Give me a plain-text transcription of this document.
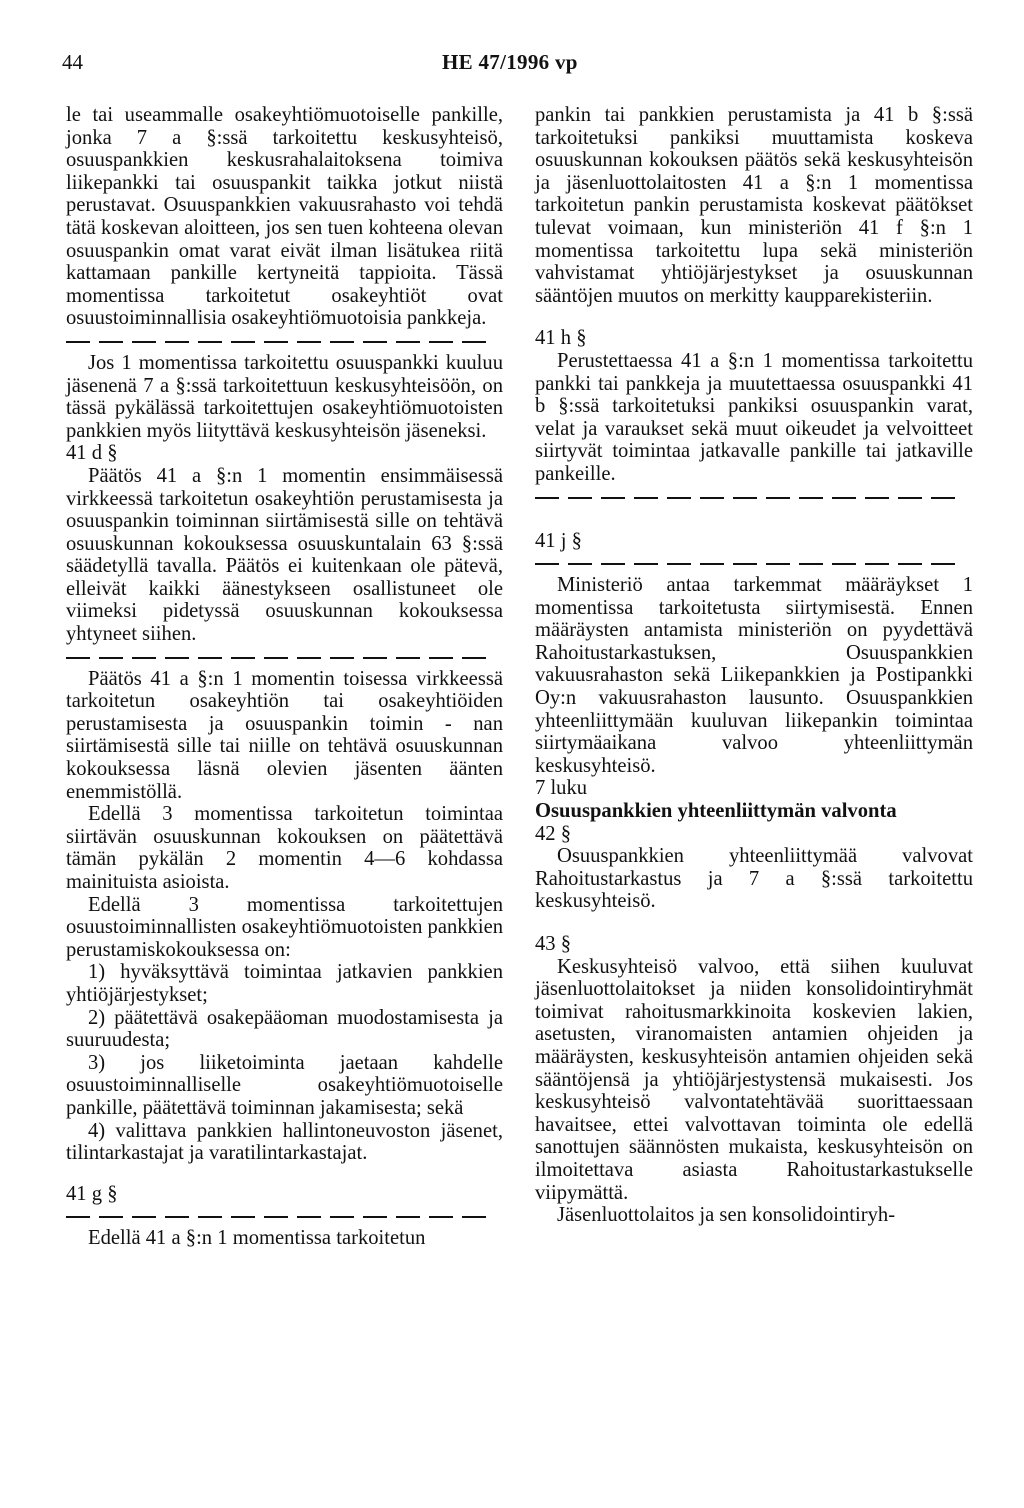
44	HE 47/1996 vp

le tai useammalle osakeyhtiömuotoiselle pankille, jonka 7 a §:ssä tarkoitettu keskusyhteisö, osuuspankkien keskusrahalaitoksena toimiva liikepankki tai osuuspankit taikka jotkut niistä perustavat. Osuuspankkien vakuusrahasto voi tehdä tätä koskevan aloitteen, jos sen tuen kohteena olevan osuuspankin omat varat eivät ilman lisätukea riitä kattamaan pankille kertyneitä tappioita. Tässä momentissa tarkoitetut osakeyhtiöt ovat osuustoiminnallisia osakeyhtiömuotoisia pankkeja.

Jos 1 momentissa tarkoitettu osuuspankki kuuluu jäsenenä 7 a §:ssä tarkoitettuun keskusyhteisöön, on tässä pykälässä tarkoitettujen osakeyhtiömuotoisten pankkien myös liityttävä keskusyhteisön jäseneksi.

41 d §

Päätös 41 a §:n 1 momentin ensimmäisessä virkkeessä tarkoitetun osakeyhtiön perustamisesta ja osuuspankin toiminnan siirtämisestä sille on tehtävä osuuskunnan kokouksessa osuuskuntalain 63 §:ssä säädetyllä tavalla. Päätös ei kuitenkaan ole pätevä, elleivät kaikki äänestykseen osallistuneet ole viimeksi pidetyssä osuuskunnan kokouksessa yhtyneet siihen.

Päätös 41 a §:n 1 momentin toisessa virkkeessä tarkoitetun osakeyhtiön tai osakeyhtiöiden perustamisesta ja osuuspankin toimin - nan siirtämisestä sille tai niille on tehtävä osuuskunnan kokouksessa läsnä olevien jäsenten äänten enemmistöllä.

Edellä 3 momentissa tarkoitetun toimintaa siirtävän osuuskunnan kokouksen on päätettävä tämän pykälän 2 momentin 4—6 kohdassa mainituista asioista.

Edellä 3 momentissa tarkoitettujen osuustoiminnallisten osakeyhtiömuotoisten pankkien perustamiskokouksessa on:

1) hyväksyttävä toimintaa jatkavien pankkien yhtiöjärjestykset;

2) päätettävä osakepääoman muodostamisesta ja suuruudesta;

3) jos liiketoiminta jaetaan kahdelle osuustoiminnalliselle osakeyhtiömuotoiselle pankille, päätettävä toiminnan jakamisesta; sekä

4) valittava pankkien hallintoneuvoston jäsenet, tilintarkastajat ja varatilintarkastajat.

41 g §

Edellä 41 a §:n 1 momentissa tarkoitetun

pankin tai pankkien perustamista ja 41 b §:ssä tarkoitetuksi pankiksi muuttamista koskeva osuuskunnan kokouksen päätös sekä keskusyhteisön ja jäsenluottolaitosten 41 a §:n 1 momentissa tarkoitetun pankin perustamista koskevat päätökset tulevat voimaan, kun ministeriön 41 f §:n 1 momentissa tarkoitettu lupa sekä ministeriön vahvistamat yhtiöjärjestykset ja osuuskunnan sääntöjen muutos on merkitty kaupparekisteriin.

41 h §

Perustettaessa 41 a §:n 1 momentissa tarkoitettu pankki tai pankkeja ja muutettaessa osuuspankki 41 b §:ssä tarkoitetuksi pankiksi osuuspankin varat, velat ja varaukset sekä muut oikeudet ja velvoitteet siirtyvät toimintaa jatkavalle pankille tai jatkaville pankeille.

41 j §

Ministeriö antaa tarkemmat määräykset 1 momentissa tarkoitetusta siirtymisestä. Ennen määräysten antamista ministeriön on pyydettävä Rahoitustarkastuksen, Osuuspankkien vakuusrahaston sekä Liikepankkien ja Postipankki Oy:n vakuusrahaston lausunto. Osuuspankkien yhteenliittymään kuuluvan liikepankin toimintaa siirtymäaikana valvoo yhteenliittymän keskusyhteisö.

7 luku

Osuuspankkien yhteenliittymän valvonta

42 §

Osuuspankkien yhteenliittymää valvovat Rahoitustarkastus ja 7 a §:ssä tarkoitettu keskusyhteisö.

43 §

Keskusyhteisö valvoo, että siihen kuuluvat jäsenluottolaitokset ja niiden konsolidointiryhmät toimivat rahoitusmarkkinoita koskevien lakien, asetusten, viranomaisten antamien ohjeiden ja määräysten, keskusyhteisön antamien ohjeiden sekä sääntöjensä ja yhtiöjärjestystensä mukaisesti. Jos keskusyhteisö valvontatehtävää suorittaessaan havaitsee, ettei valvottavan toiminta ole edellä sanottujen säännösten mukaista, keskusyhteisön on ilmoitettava asiasta Rahoitustarkastukselle viipymättä.

Jäsenluottolaitos ja sen konsolidointiryh-
